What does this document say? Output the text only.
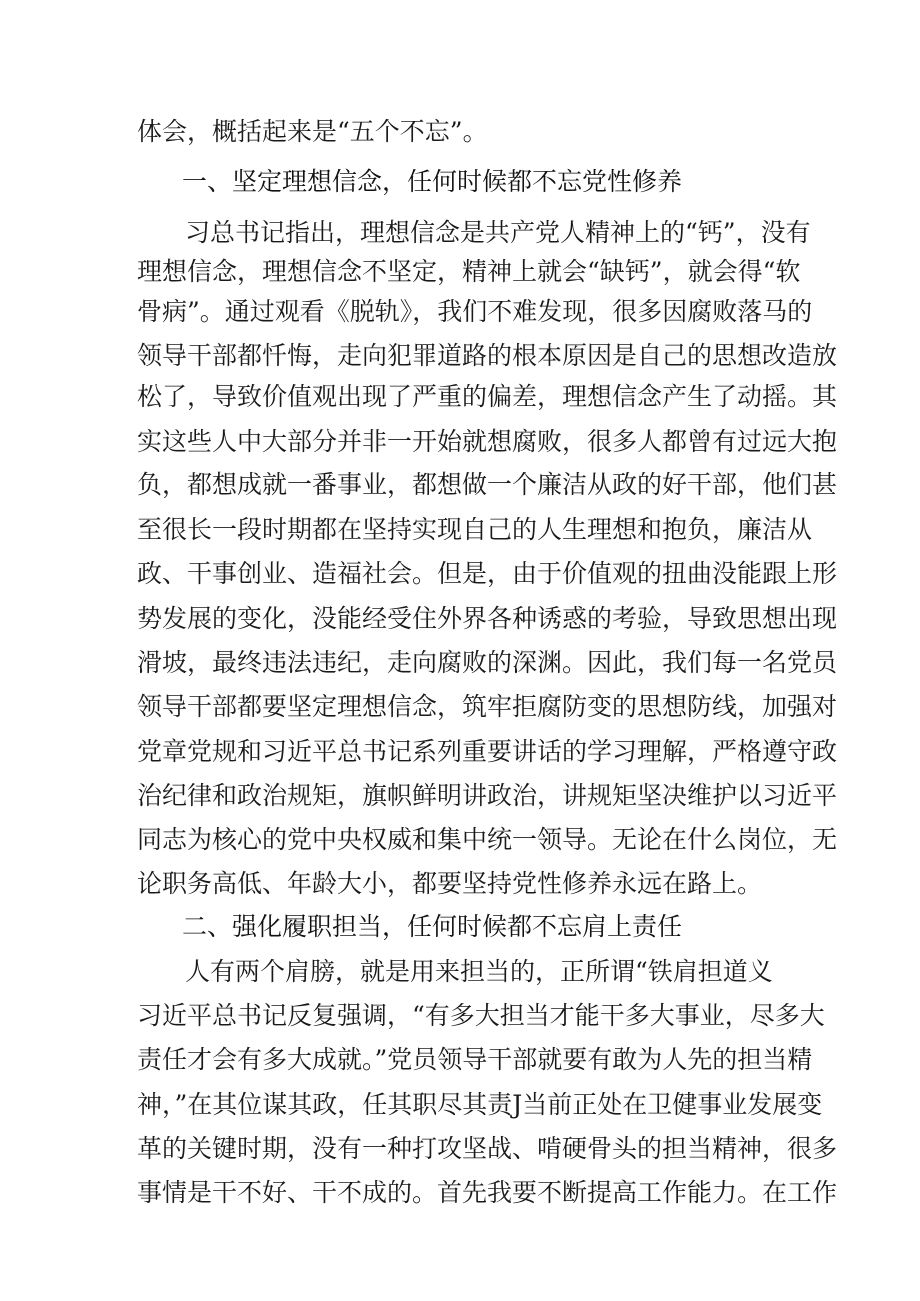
体会，概括起来是“五个不忘”。
一、坚定理想信念，任何时候都不忘党性修养
习总书记指出，理想信念是共产党人精神上的“钙”，没有
理想信念，理想信念不坚定，精神上就会“缺钙”，就会得“软
骨病”。通过观看《脱轨》，我们不难发现，很多因腐败落马的
领导干部都忏悔，走向犯罪道路的根本原因是自己的思想改造放
松了，导致价值观出现了严重的偏差，理想信念产生了动摇。其
实这些人中大部分并非一开始就想腐败，很多人都曾有过远大抱
负，都想成就一番事业，都想做一个廉洁从政的好干部，他们甚
至很长一段时期都在坚持实现自己的人生理想和抱负，廉洁从
政、干事创业、造福社会。但是，由于价值观的扭曲没能跟上形
势发展的变化，没能经受住外界各种诱惑的考验，导致思想出现
滑坡，最终违法违纪，走向腐败的深渊。因此，我们每一名党员
领导干部都要坚定理想信念，筑牢拒腐防变的思想防线，加强对
党章党规和习近平总书记系列重要讲话的学习理解，严格遵守政
治纪律和政治规矩，旗帜鲜明讲政治，讲规矩坚决维护以习近平
同志为核心的党中央权威和集中统一领导。无论在什么岗位，无
论职务高低、年龄大小，都要坚持党性修养永远在路上。
二、强化履职担当，任何时候都不忘肩上责任
人有两个肩膀，就是用来担当的，正所谓“铁肩担道义
习近平总书记反复强调，“有多大担当才能干多大事业，尽多大
责任才会有多大成就。”党员领导干部就要有敢为人先的担当精
神，”在其位谋其政，任其职尽其责J当前正处在卫健事业发展变
革的关键时期，没有一种打攻坚战、啃硬骨头的担当精神，很多
事情是干不好、干不成的。首先我要不断提高工作能力。在工作
